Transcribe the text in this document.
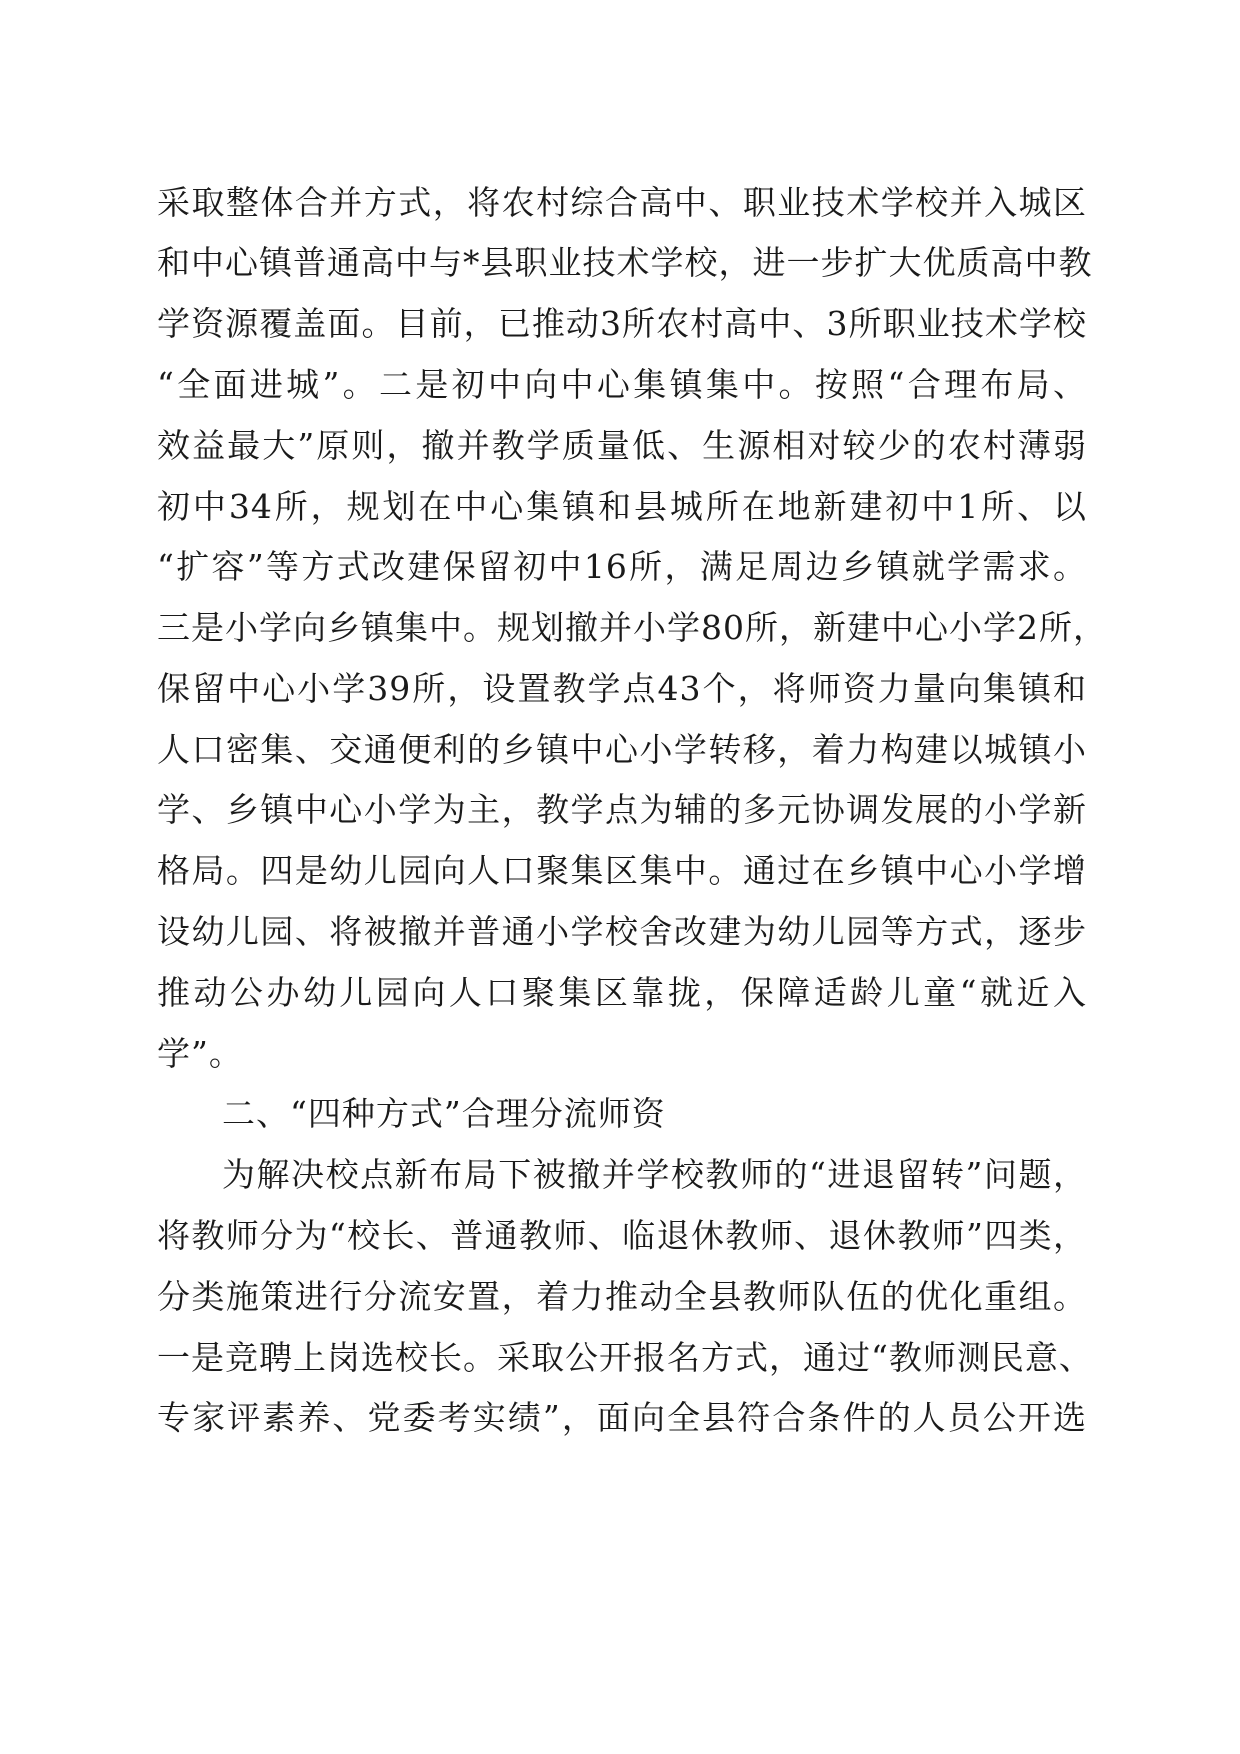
采取整体合并方式，将农村综合高中、职业技术学校并入城区
和中心镇普通高中与*县职业技术学校，进一步扩大优质高中教
学资源覆盖面。目前，已推动3所农村高中、3所职业技术学校
“全面进城”。二是初中向中心集镇集中。按照“合理布局、
效益最大”原则，撤并教学质量低、生源相对较少的农村薄弱
初中34所，规划在中心集镇和县城所在地新建初中1所、以
“扩容”等方式改建保留初中16所，满足周边乡镇就学需求。
三是小学向乡镇集中。规划撤并小学80所，新建中心小学2所，
保留中心小学39所，设置教学点43个，将师资力量向集镇和
人口密集、交通便利的乡镇中心小学转移，着力构建以城镇小
学、乡镇中心小学为主，教学点为辅的多元协调发展的小学新
格局。四是幼儿园向人口聚集区集中。通过在乡镇中心小学增
设幼儿园、将被撤并普通小学校舍改建为幼儿园等方式，逐步
推动公办幼儿园向人口聚集区靠拢，保障适龄儿童“就近入
学”。
二、“四种方式”合理分流师资
为解决校点新布局下被撤并学校教师的“进退留转”问题，
将教师分为“校长、普通教师、临退休教师、退休教师”四类，
分类施策进行分流安置，着力推动全县教师队伍的优化重组。
一是竞聘上岗选校长。采取公开报名方式，通过“教师测民意、
专家评素养、党委考实绩”，面向全县符合条件的人员公开选
